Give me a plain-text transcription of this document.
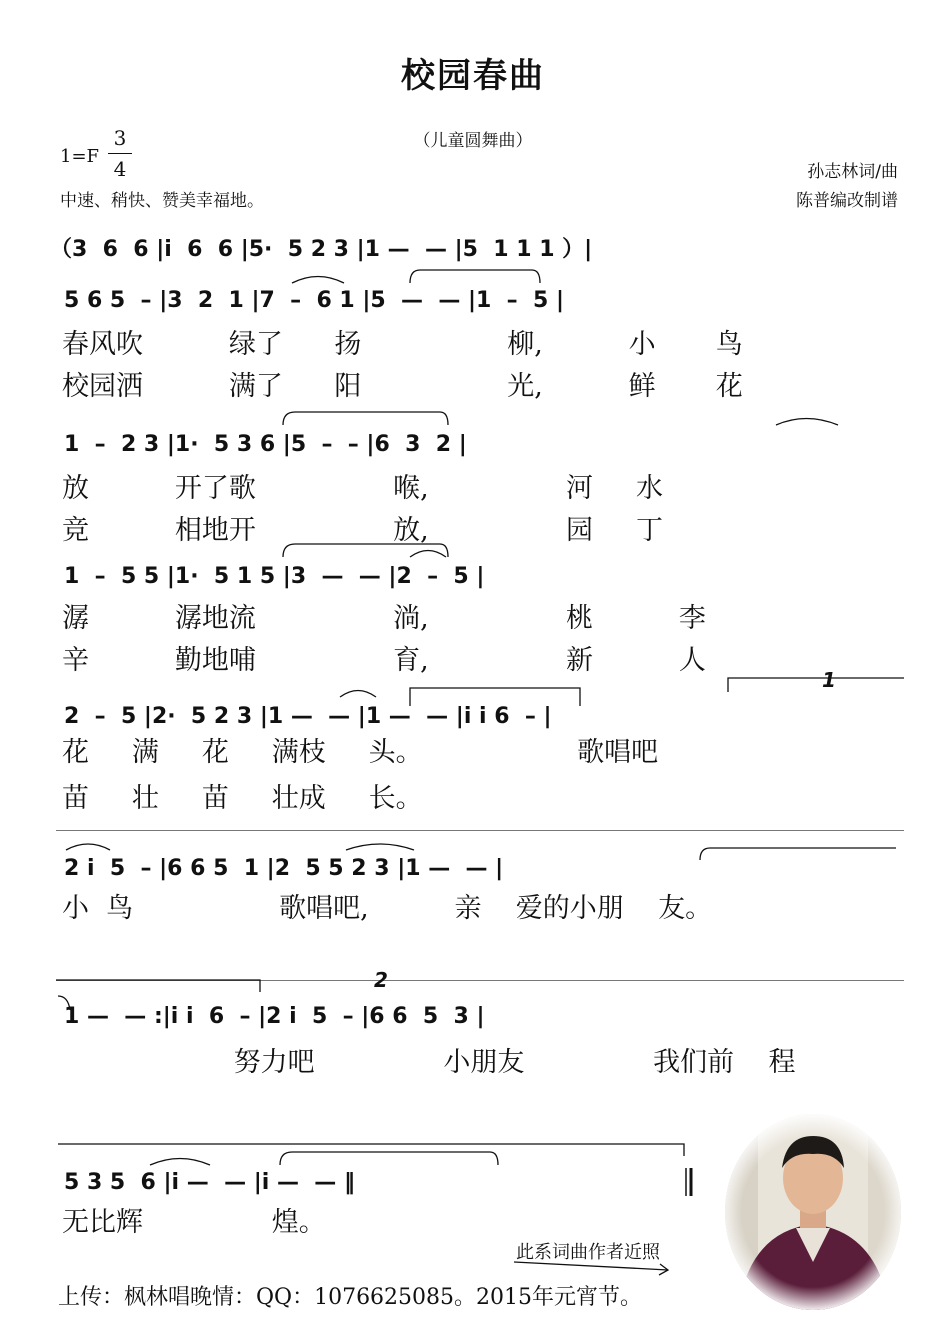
校园春曲
（儿童圆舞曲）
1=F
3
4
中速、稍快、赞美幸福地。
孙志林词/曲
陈普编改制谱
（3  6  6 |i  6  6 |5·  5 2 3 |1 —  — |5  1 1 1 ）|
5 6 5  – |3  2  1 |7  –  6 1 |5  —  — |1  –  5 |
春风吹          绿了      扬                 柳,          小       鸟
校园洒          满了      阳                 光,          鲜       花
1  –  2 3 |1·  5 3 6 |5  –  – |6  3  2 |
放          开了歌                喉,                河     水
竞          相地开                放,                园     丁
1  –  5 5 |1·  5 1 5 |3  —  — |2  –  5 |
潺          潺地流                淌,                桃          李
辛          勤地哺                育,                新          人
2  –  5 |2·  5 2 3 |1 —  — |1 —  — |i i 6  – |
花     满     花     满枝     头。                  歌唱吧
苗     壮     苗     壮成     长。
2 i  5  – |6 6 5  1 |2  5 5 2 3 |1 —  — |
小  鸟                 歌唱吧,          亲    爱的小朋    友。
1 —  — :|i i  6  – |2 i  5  – |6 6  5  3 |
努力吧               小朋友               我们前    程
5 3 5  6 |i —  — |i —  — ‖
无比辉               煌。
1
2
此系词曲作者近照
上传：枫林唱晚情：QQ：1076625085。2015年元宵节。
